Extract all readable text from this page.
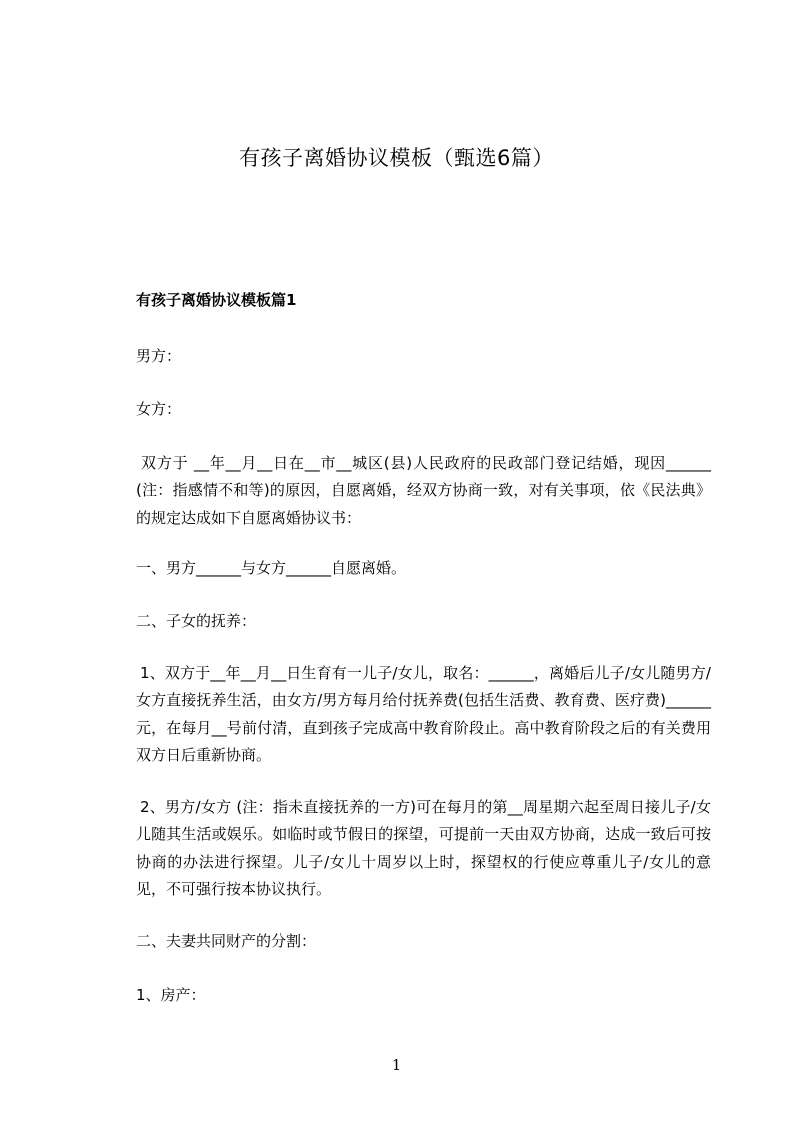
有孩子离婚协议模板（甄选6篇）
有孩子离婚协议模板篇1
男方：
女方：
双方于 __年__月__日在__市__城区(县)人民政府的民政部门登记结婚，现因______(注：指感情不和等)的原因，自愿离婚，经双方协商一致，对有关事项，依《民法典》的规定达成如下自愿离婚协议书：
一、男方______与女方______自愿离婚。
二、子女的抚养：
1、双方于__年__月__日生育有一儿子/女儿，取名：______，离婚后儿子/女儿随男方/女方直接抚养生活，由女方/男方每月给付抚养费(包括生活费、教育费、医疗费)______元，在每月__号前付清，直到孩子完成高中教育阶段止。高中教育阶段之后的有关费用双方日后重新协商。
2、男方/女方 (注：指未直接抚养的一方)可在每月的第__周星期六起至周日接儿子/女儿随其生活或娱乐。如临时或节假日的探望，可提前一天由双方协商，达成一致后可按协商的办法进行探望。儿子/女儿十周岁以上时，探望权的行使应尊重儿子/女儿的意见，不可强行按本协议执行。
二、夫妻共同财产的分割：
1、房产：
1
